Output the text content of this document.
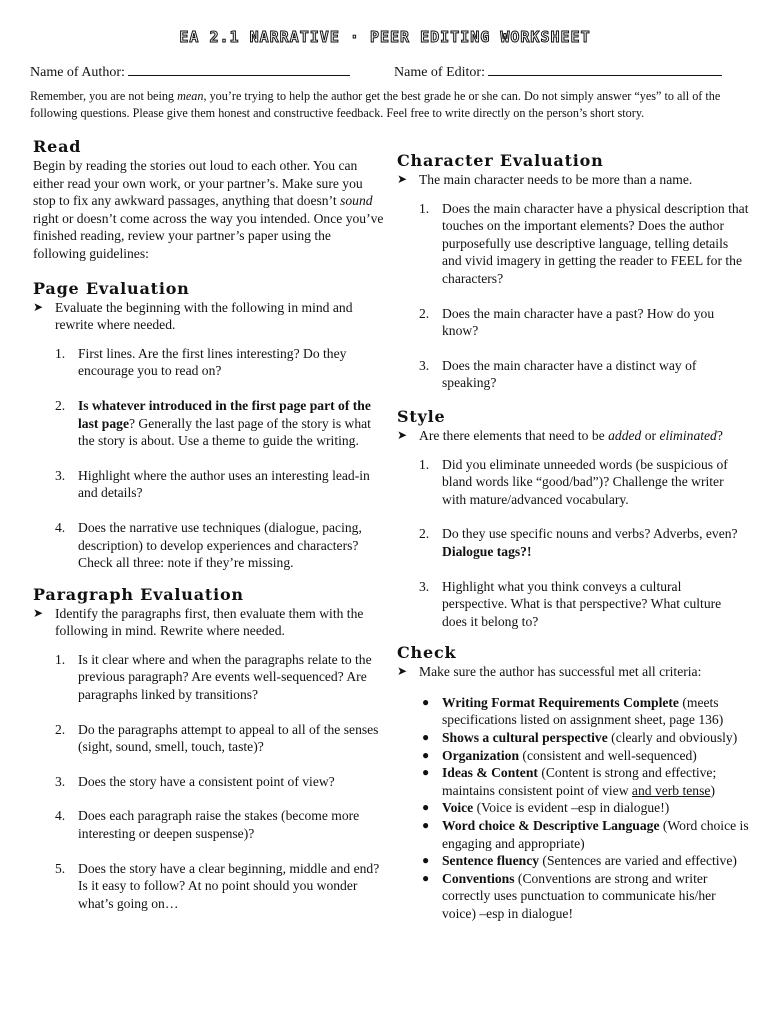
EA 2.1 NARRATIVE · PEER EDITING WORKSHEET
Name of Author:	Name of Editor:
Remember, you are not being mean, you’re trying to help the author get the best grade he or she can. Do not simply answer “yes” to all of the following questions. Please give them honest and constructive feedback. Feel free to write directly on the person’s short story.
Read

Begin by reading the stories out loud to each other. You can either read your own work, or your partner’s. Make sure you stop to fix any awkward passages, anything that doesn’t sound right or doesn’t come across the way you intended. Once you’ve finished reading, review your partner’s paper using the following guidelines:

Page Evaluation
➤ Evaluate the beginning with the following in mind and rewrite where needed.
1. First lines. Are the first lines interesting? Do they encourage you to read on?
2. Is whatever introduced in the first page part of the last page? Generally the last page of the story is what the story is about. Use a theme to guide the writing.
3. Highlight where the author uses an interesting lead-in and details?
4. Does the narrative use techniques (dialogue, pacing, description) to develop experiences and characters? Check all three: note if they’re missing.
Paragraph Evaluation
➤ Identify the paragraphs first, then evaluate them with the following in mind. Rewrite where needed.
1. Is it clear where and when the paragraphs relate to the previous paragraph? Are events well-sequenced? Are paragraphs linked by transitions?
2. Do the paragraphs attempt to appeal to all of the senses (sight, sound, smell, touch, taste)?
3. Does the story have a consistent point of view?
4. Does each paragraph raise the stakes (become more interesting or deepen suspense)?
5. Does the story have a clear beginning, middle and end? Is it easy to follow? At no point should you wonder what’s going on…
Character Evaluation
➤ The main character needs to be more than a name.
1. Does the main character have a physical description that touches on the important elements? Does the author purposefully use descriptive language, telling details and vivid imagery in getting the reader to FEEL for the characters?
2. Does the main character have a past? How do you know?
3. Does the main character have a distinct way of speaking?
Style
➤ Are there elements that need to be added or eliminated?
1. Did you eliminate unneeded words (be suspicious of bland words like “good/bad”)? Challenge the writer with mature/advanced vocabulary.
2. Do they use specific nouns and verbs? Adverbs, even? Dialogue tags?!
3. Highlight what you think conveys a cultural perspective. What is that perspective? What culture does it belong to?
Check
➤ Make sure the author has successful met all criteria:
● Writing Format Requirements Complete (meets specifications listed on assignment sheet, page 136)
● Shows a cultural perspective (clearly and obviously)
● Organization (consistent and well-sequenced)
● Ideas & Content (Content is strong and effective; maintains consistent point of view and verb tense)
● Voice (Voice is evident –esp in dialogue!)
● Word choice & Descriptive Language (Word choice is engaging and appropriate)
● Sentence fluency (Sentences are varied and effective)
● Conventions (Conventions are strong and writer correctly uses punctuation to communicate his/her voice) –esp in dialogue!
